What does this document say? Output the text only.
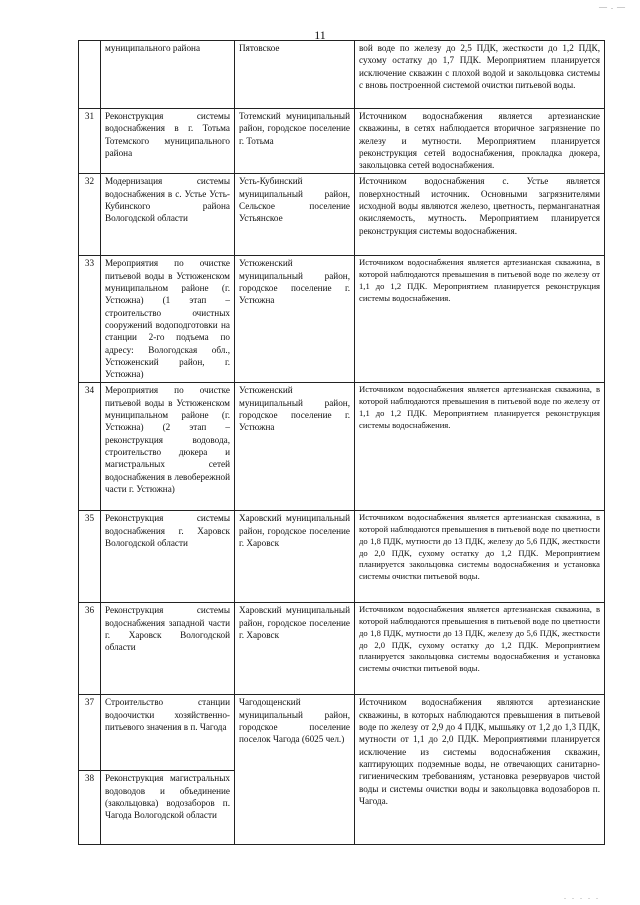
— . —
11
	муниципального района	Пятовское	вой воде по железу до 2,5 ПДК, жесткости до 1,2 ПДК, сухому остатку до 1,7 ПДК. Мероприятием планируется исключение скважин с плохой водой и закольцовка системы с вновь построенной системой очистки питьевой воды.
31	Реконструкция системы водоснабжения в г. Тотьма Тотемского муниципального района	Тотемский муниципальный район, городское поселение г. Тотьма	Источником водоснабжения является артезианские скважины, в сетях наблюдается вторичное загрязнение по железу и мутности. Мероприятием планируется реконструкция сетей водоснабжения, прокладка дюкера, закольцовка сетей водоснабжения.
32	Модернизация системы водоснабжения в с. Устье Усть-Кубинского района Вологодской области	Усть-Кубинский муниципальный район, Сельское поселение Устьянское	Источником водоснабжения с. Устье является поверхностный источник. Основными загрязнителями исходной воды являются железо, цветность, перманганатная окисляемость, мутность. Мероприятием планируется реконструкция системы водоснабжения.
33	Мероприятия по очистке питьевой воды в Устюженском муниципальном районе (г. Устюжна) (1 этап – строительство очистных сооружений водоподготовки на станции 2-го подъема по адресу: Вологодская обл., Устюженский район, г. Устюжна)	Устюженский муниципальный район, городское поселение г. Устюжна	Источником водоснабжения является артезианская скважина, в которой наблюдаются превышения в питьевой воде по железу от 1,1 до 1,2 ПДК. Мероприятием планируется реконструкция системы водоснабжения.
34	Мероприятия по очистке питьевой воды в Устюженском муниципальном районе (г. Устюжна) (2 этап – реконструкция водовода, строительство дюкера и магистральных сетей водоснабжения в левобережной части г. Устюжна)	Устюженский муниципальный район, городское поселение г. Устюжна	Источником водоснабжения является артезианская скважина, в которой наблюдаются превышения в питьевой воде по железу от 1,1 до 1,2 ПДК. Мероприятием планируется реконструкция системы водоснабжения.
35	Реконструкция системы водоснабжения г. Харовск Вологодской области	Харовский муниципальный район, городское поселение г. Харовск	Источником водоснабжения является артезианская скважина, в которой наблюдаются превышения в питьевой воде по цветности до 1,8 ПДК, мутности до 13 ПДК, железу до 5,6 ПДК, жесткости до 2,0 ПДК, сухому остатку до 1,2 ПДК. Мероприятием планируется закольцовка системы водоснабжения и установка системы очистки питьевой воды.
36	Реконструкция системы водоснабжения западной части г. Харовск Вологодской области	Харовский муниципальный район, городское поселение г. Харовск	Источником водоснабжения является артезианская скважина, в которой наблюдаются превышения в питьевой воде по цветности до 1,8 ПДК, мутности до 13 ПДК, железу до 5,6 ПДК, жесткости до 2,0 ПДК, сухому остатку до 1,2 ПДК. Мероприятием планируется закольцовка системы водоснабжения и установка системы очистки питьевой воды.
37	Строительство станции водоочистки хозяйственно-питьевого значения в п. Чагода	Чагодощенский муниципальный район, городское поселение поселок Чагода (6025 чел.)	Источником водоснабжения являются артезианские скважины, в которых наблюдаются превышения в питьевой воде по железу от 2,9 до 4 ПДК, мышьяку от 1,2 до 1,3 ПДК, мутности от 1,1 до 2,0 ПДК. Мероприятиями планируется исключение из системы водоснабжения скважин, каптирующих подземные воды, не отвечающих санитарно-гигиеническим требованиям, установка резервуаров чистой воды и системы очистки воды и закольцовка водозаборов п. Чагода.
38	Реконструкция магистральных водоводов и объединение (закольцовка) водозаборов п. Чагода Вологодской области		
. . . . .
